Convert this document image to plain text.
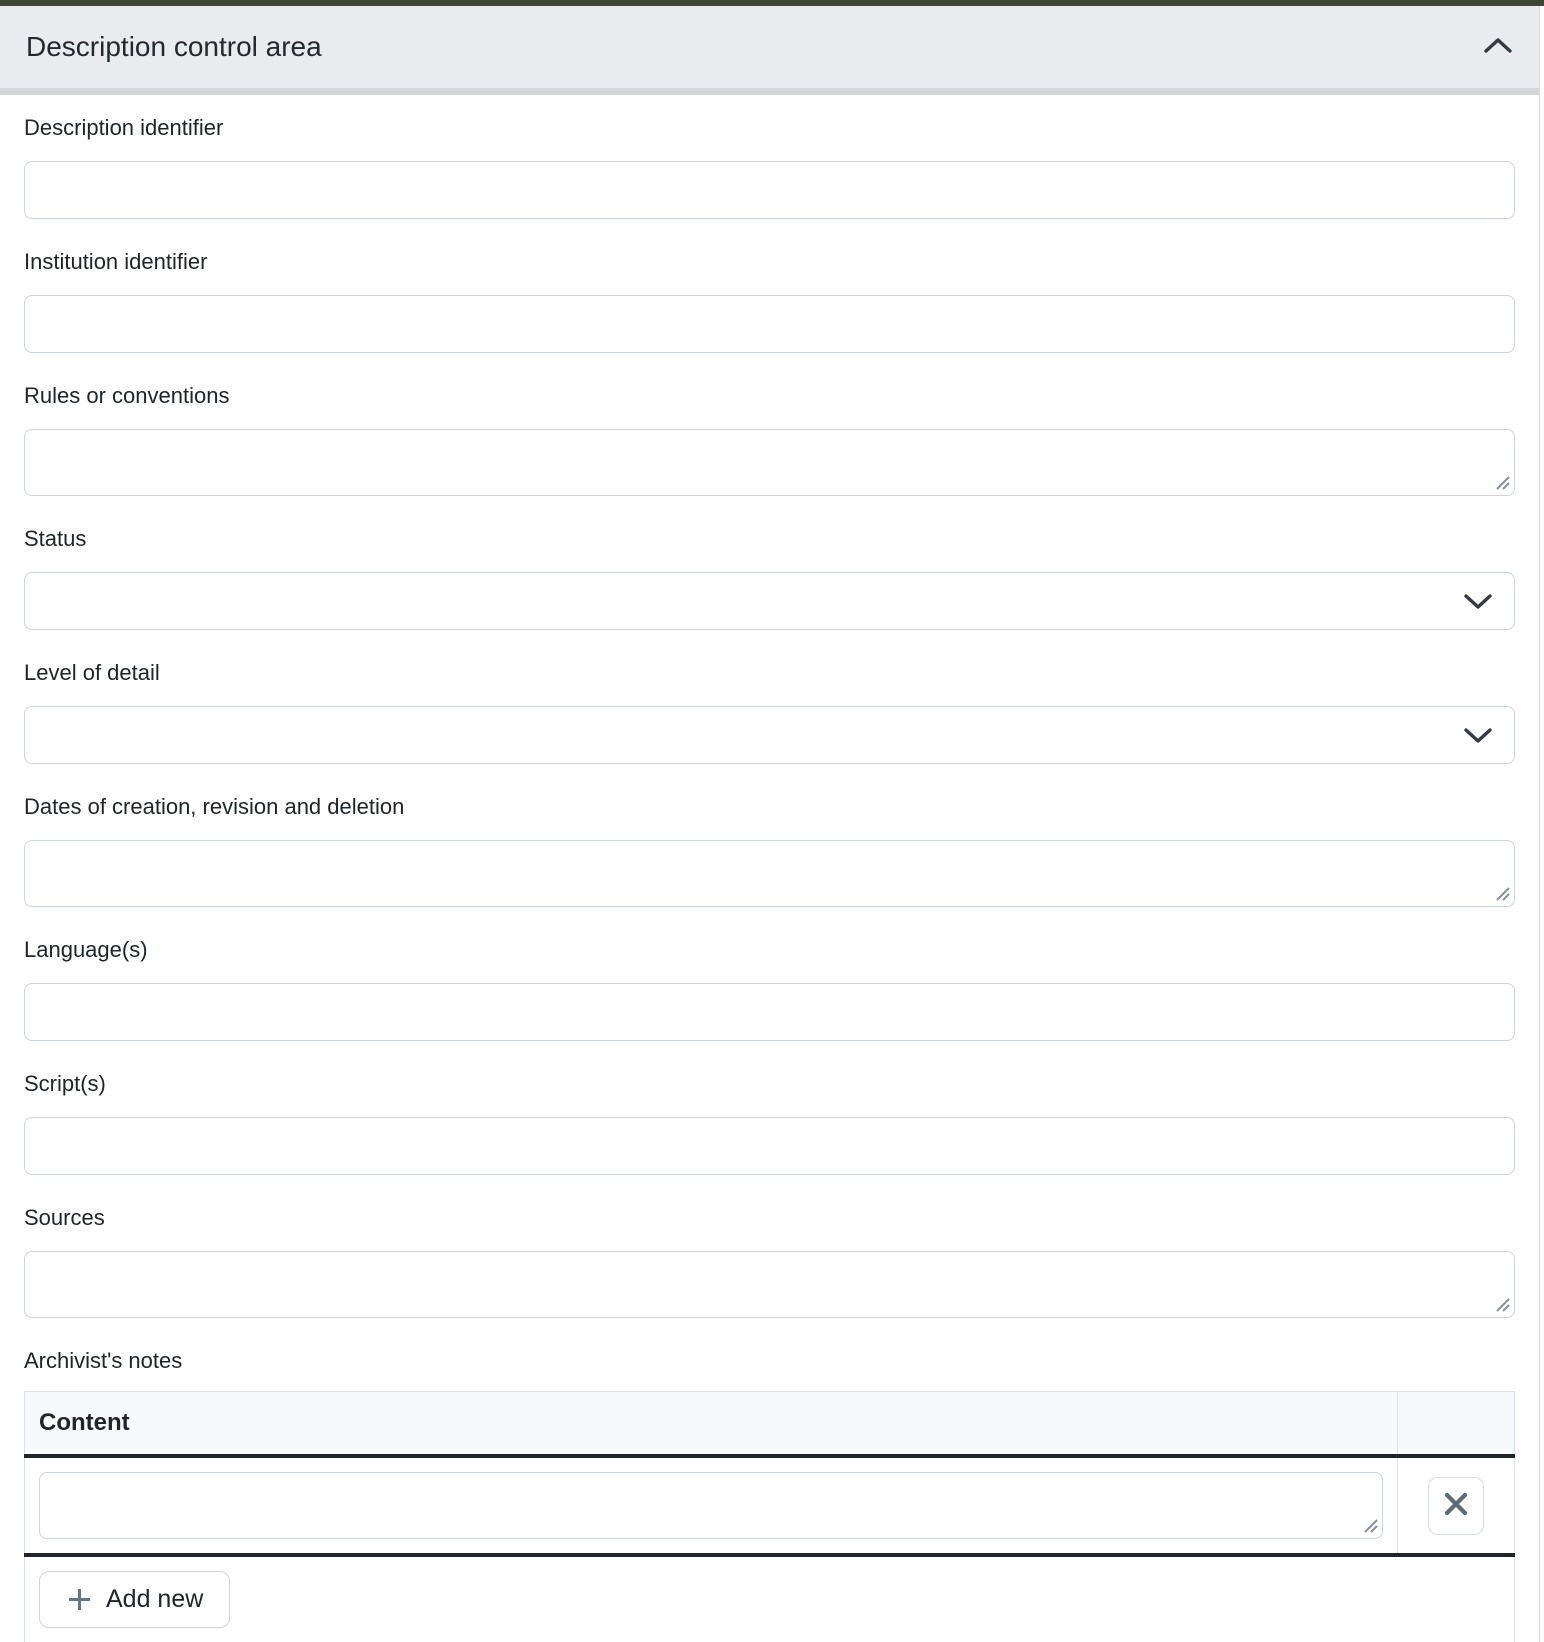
Description control area
Description identifier
Institution identifier
Rules or conventions
Status
Level of detail
Dates of creation, revision and deletion
Language(s)
Script(s)
Sources
Archivist's notes
Content	

Add new	
